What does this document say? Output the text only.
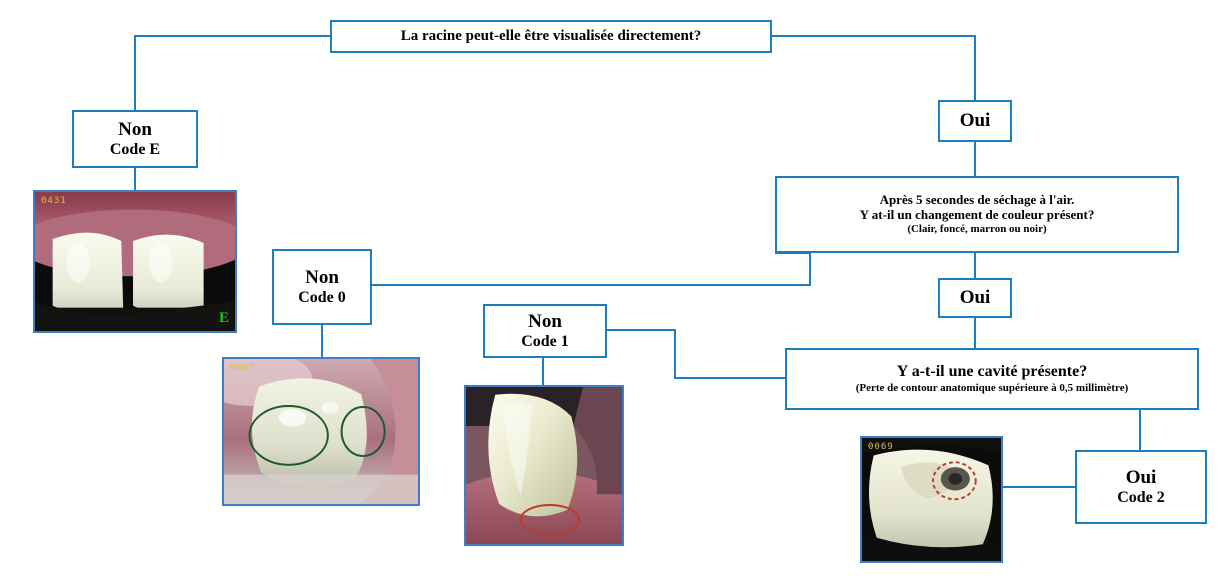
La racine peut-elle être visualisée directement?
Non
Code E
Oui
Après 5 secondes de séchage à l'air.
Y at-il un changement de couleur présent?
(Clair, foncé, marron ou noir)
Non
Code 0	Oui
Non
Code 1
Y a-t-il une cavité présente?
(Perte de contour anatomique supérieure à 0,5 millimètre)
Oui
Code 2
0431
E
0007
0069
